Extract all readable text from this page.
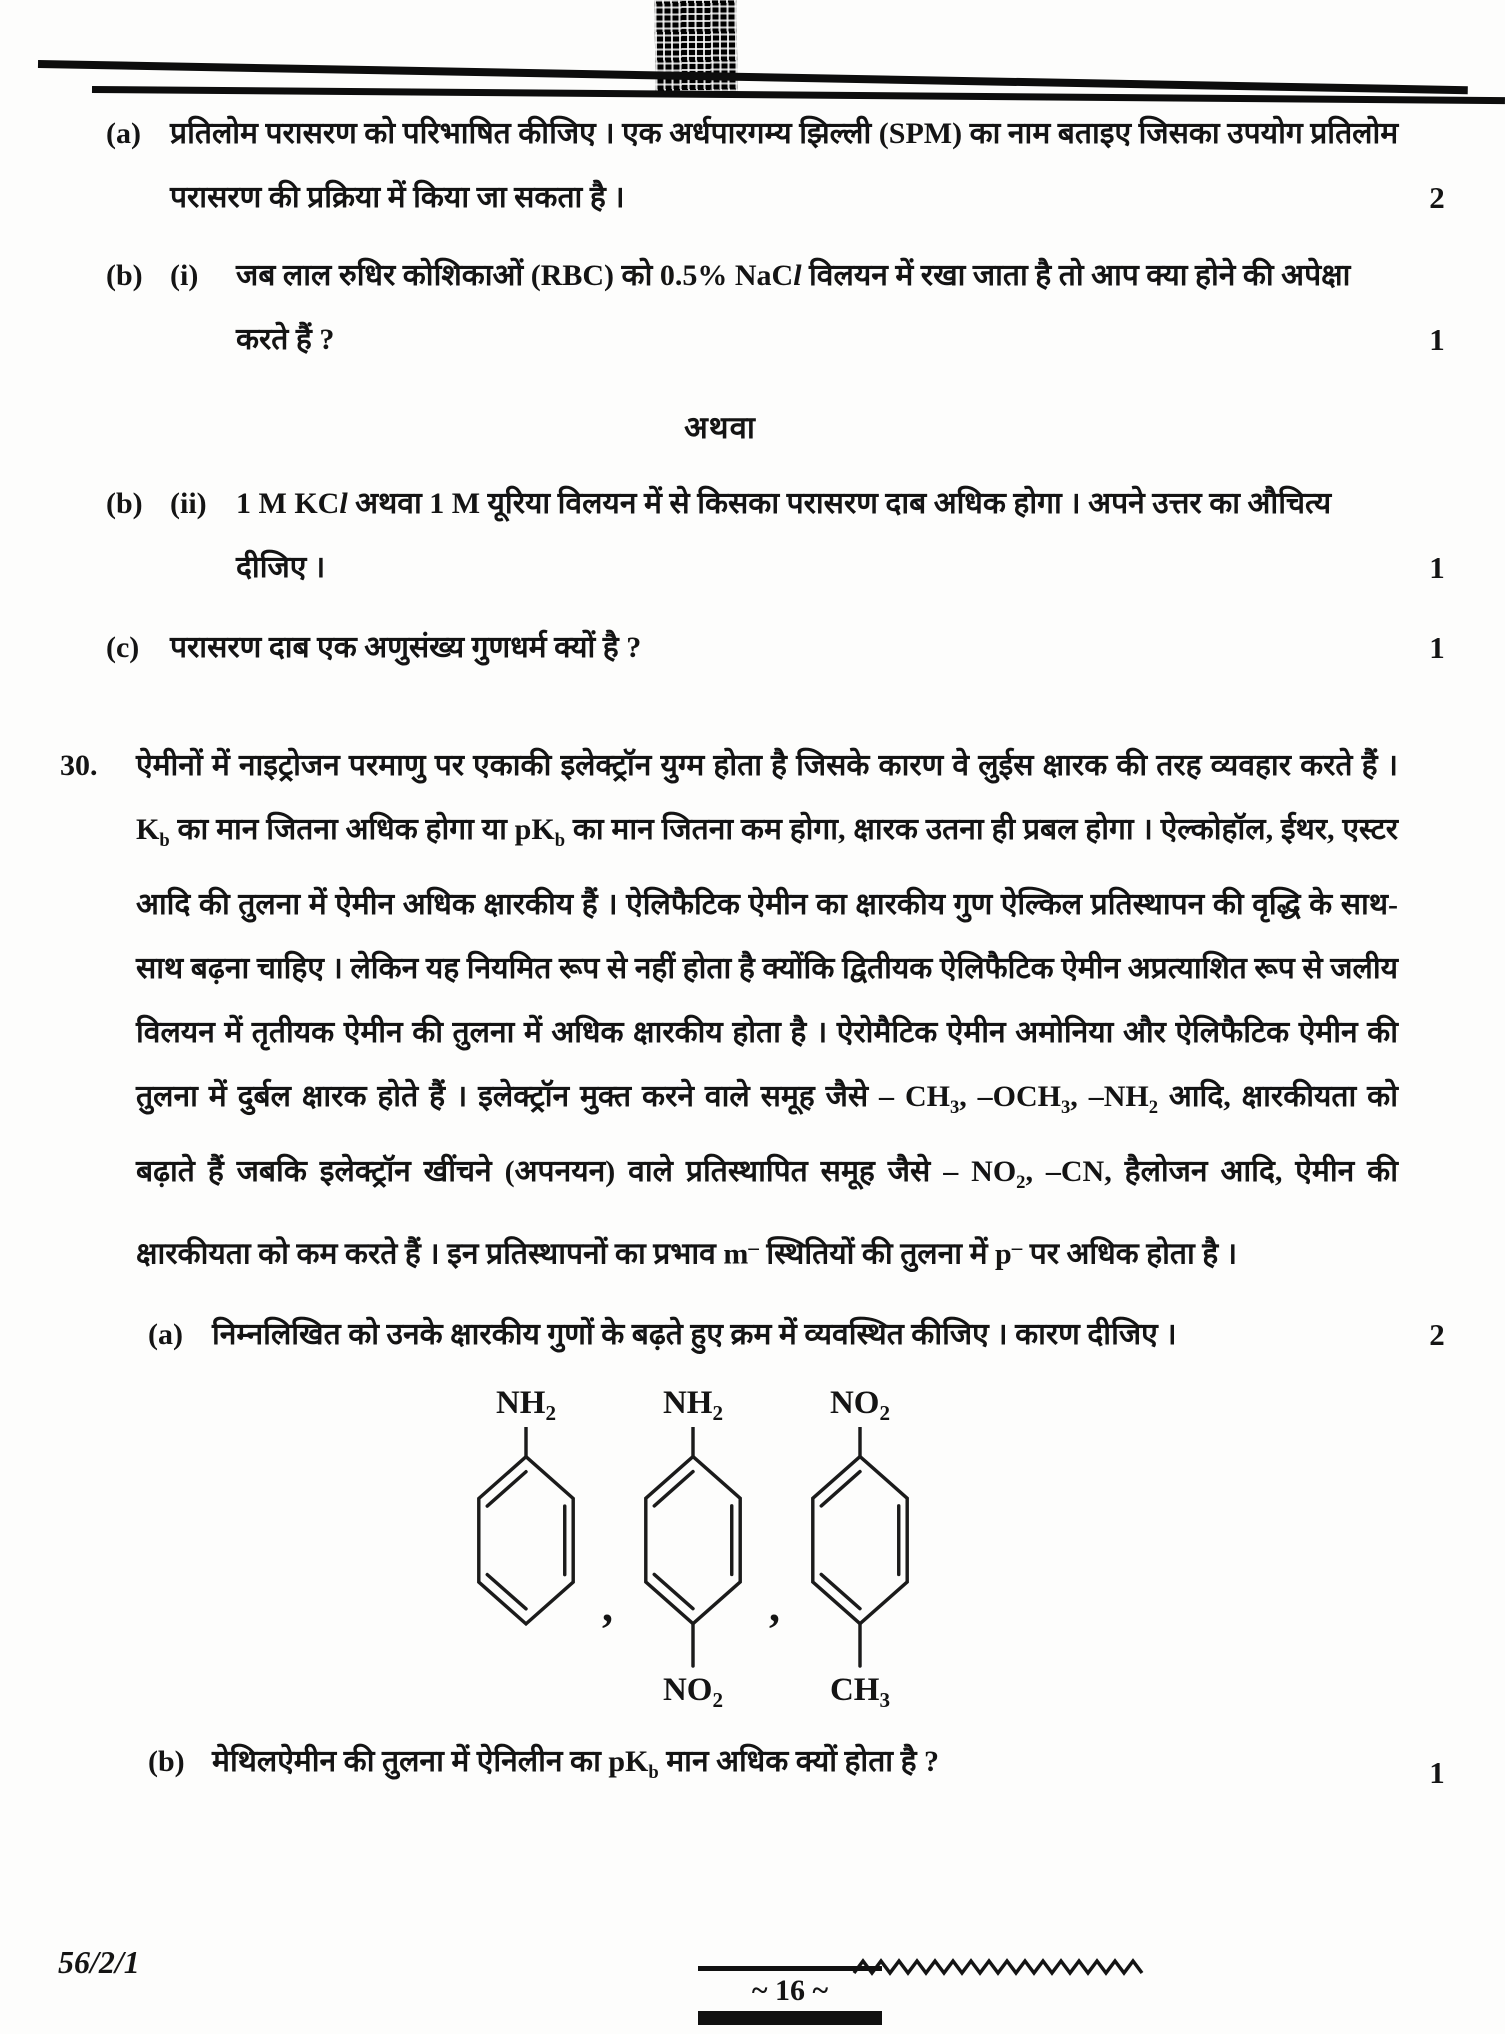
(a) प्रतिलोम परासरण को परिभाषित कीजिए । एक अर्धपारगम्य झिल्ली (SPM) का नाम बताइए जिसका उपयोग प्रतिलोम परासरण की प्रक्रिया में किया जा सकता है ।	2
(b) (i)	जब लाल रुधिर कोशिकाओं (RBC) को 0.5% NaCl विलयन में रखा जाता है तो आप क्या होने की अपेक्षा करते हैं ?	1
अथवा
(b) (ii) 1 M KCl अथवा 1 M यूरिया विलयन में से किसका परासरण दाब अधिक होगा । अपने उत्तर का औचित्य दीजिए ।	1
(c)	परासरण दाब एक अणुसंख्य गुणधर्म क्यों है ?	1
30.	ऐमीनों में नाइट्रोजन परमाणु पर एकाकी इलेक्ट्रॉन युग्म होता है जिसके कारण वे लुईस क्षारक की तरह व्यवहार करते हैं । $K_b$ का मान जितना अधिक होगा या $pK_b$ का मान जितना कम होगा, क्षारक उतना ही प्रबल होगा । ऐल्कोहॉल, ईथर, एस्टर आदि की तुलना में ऐमीन अधिक क्षारकीय हैं । ऐलिफैटिक ऐमीन का क्षारकीय गुण ऐल्किल प्रतिस्थापन की वृद्धि के साथ-साथ बढ़ना चाहिए । लेकिन यह नियमित रूप से नहीं होता है क्योंकि द्वितीयक ऐलिफैटिक ऐमीन अप्रत्याशित रूप से जलीय विलयन में तृतीयक ऐमीन की तुलना में अधिक क्षारकीय होता है । ऐरोमैटिक ऐमीन अमोनिया और ऐलिफैटिक ऐमीन की तुलना में दुर्बल क्षारक होते हैं । इलेक्ट्रॉन मुक्त करने वाले समूह जैसे – $CH_3$, $-OCH_3$, $-NH_2$ आदि, क्षारकीयता को बढ़ाते हैं जबकि इलेक्ट्रॉन खींचने (अपनयन) वाले प्रतिस्थापित समूह जैसे – $NO_2$, –CN, हैलोजन आदि, ऐमीन की क्षारकीयता को कम करते हैं । इन प्रतिस्थापनों का प्रभाव m– स्थितियों की तुलना में p– पर अधिक होता है ।
(a) निम्नलिखित को उनके क्षारकीय गुणों के बढ़ते हुए क्रम में व्यवस्थित कीजिए । कारण दीजिए ।	2
$NH_2$
,
$NH_2$
$NO_2$
,
$NO_2$
$CH_3$
(b) मेथिलऐमीन की तुलना में ऐनिलीन का $pK_b$ मान अधिक क्यों होता है ?	1
56/2/1
~ 16 ~
